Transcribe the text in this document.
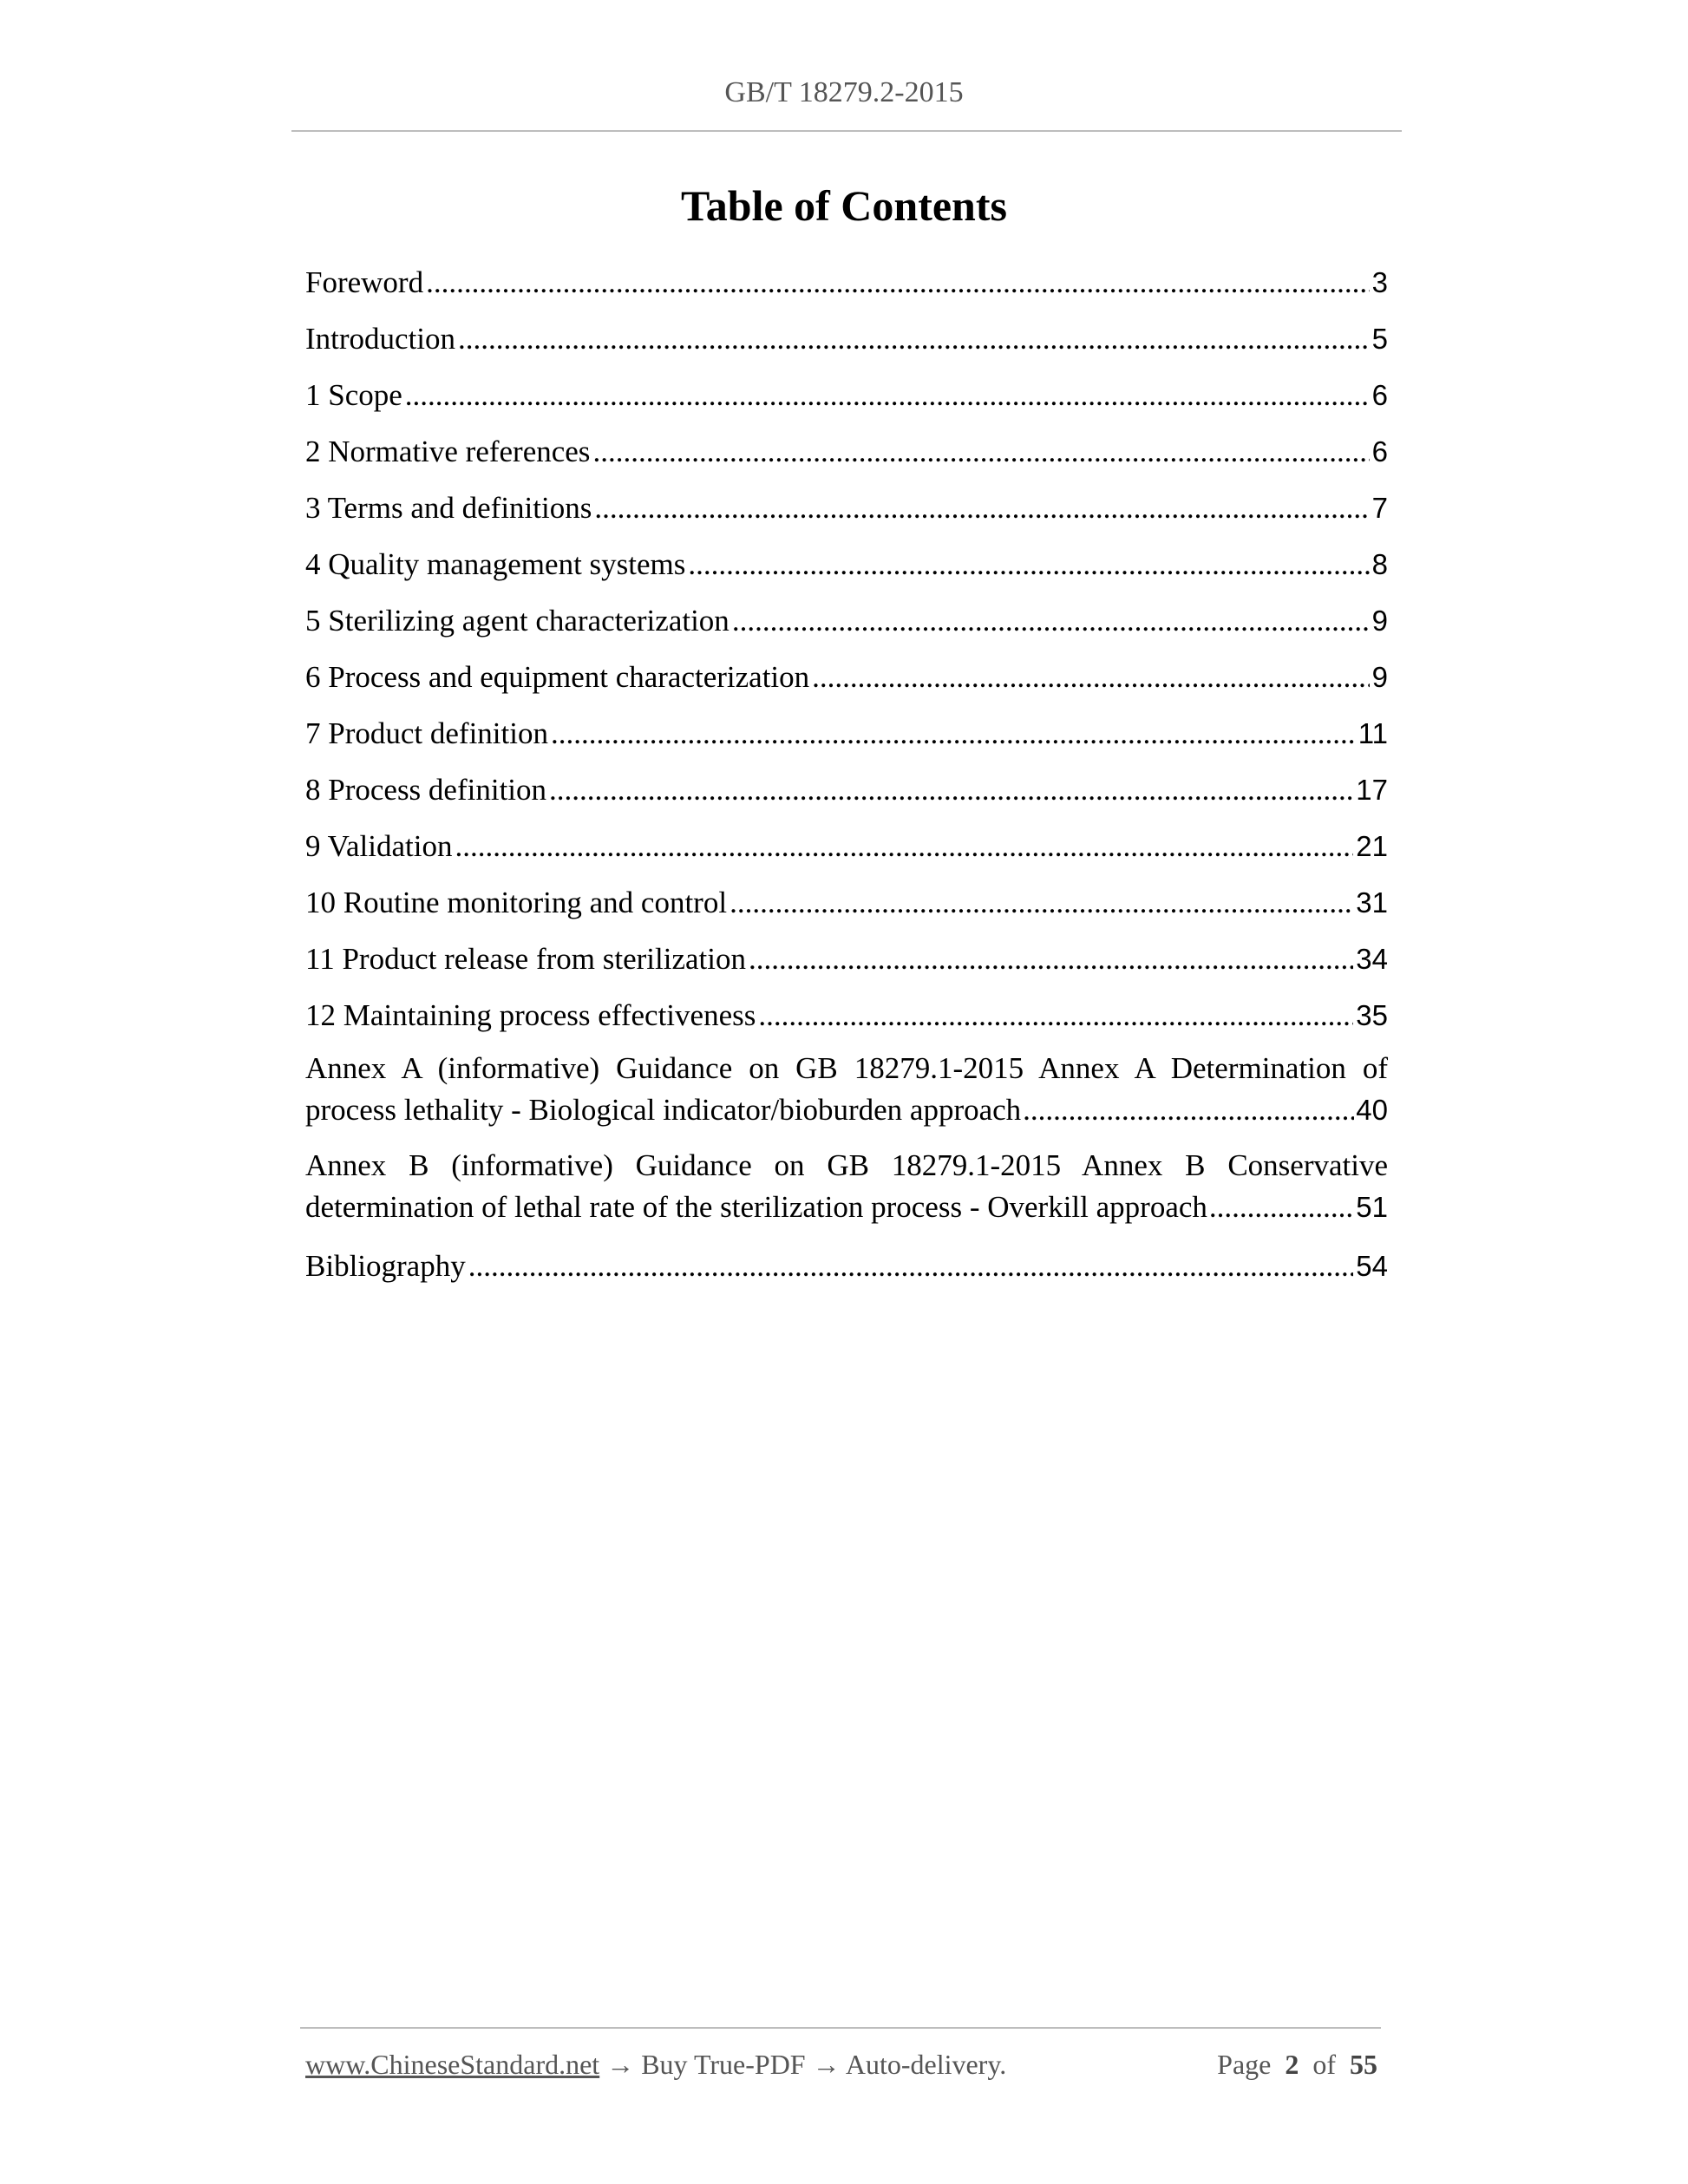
GB/T 18279.2-2015
Table of Contents
Foreword .....	3
Introduction .....	5
1 Scope .....	6
2 Normative references .....	6
3 Terms and definitions .....	7
4 Quality management systems .....	8
5 Sterilizing agent characterization .....	9
6 Process and equipment characterization .....	9
7 Product definition .....	11
8 Process definition .....	17
9 Validation .....	21
10 Routine monitoring and control .....	31
11 Product release from sterilization .....	34
12 Maintaining process effectiveness .....	35
Annex A (informative) Guidance on GB 18279.1-2015 Annex A Determination of
process lethality - Biological indicator/bioburden approach .....	40
Annex B (informative) Guidance on GB 18279.1-2015 Annex B Conservative
determination of lethal rate of the sterilization process - Overkill approach .....	51
Bibliography .....	54
www.ChineseStandard.net → Buy True-PDF → Auto-delivery.	Page 2 of 55
